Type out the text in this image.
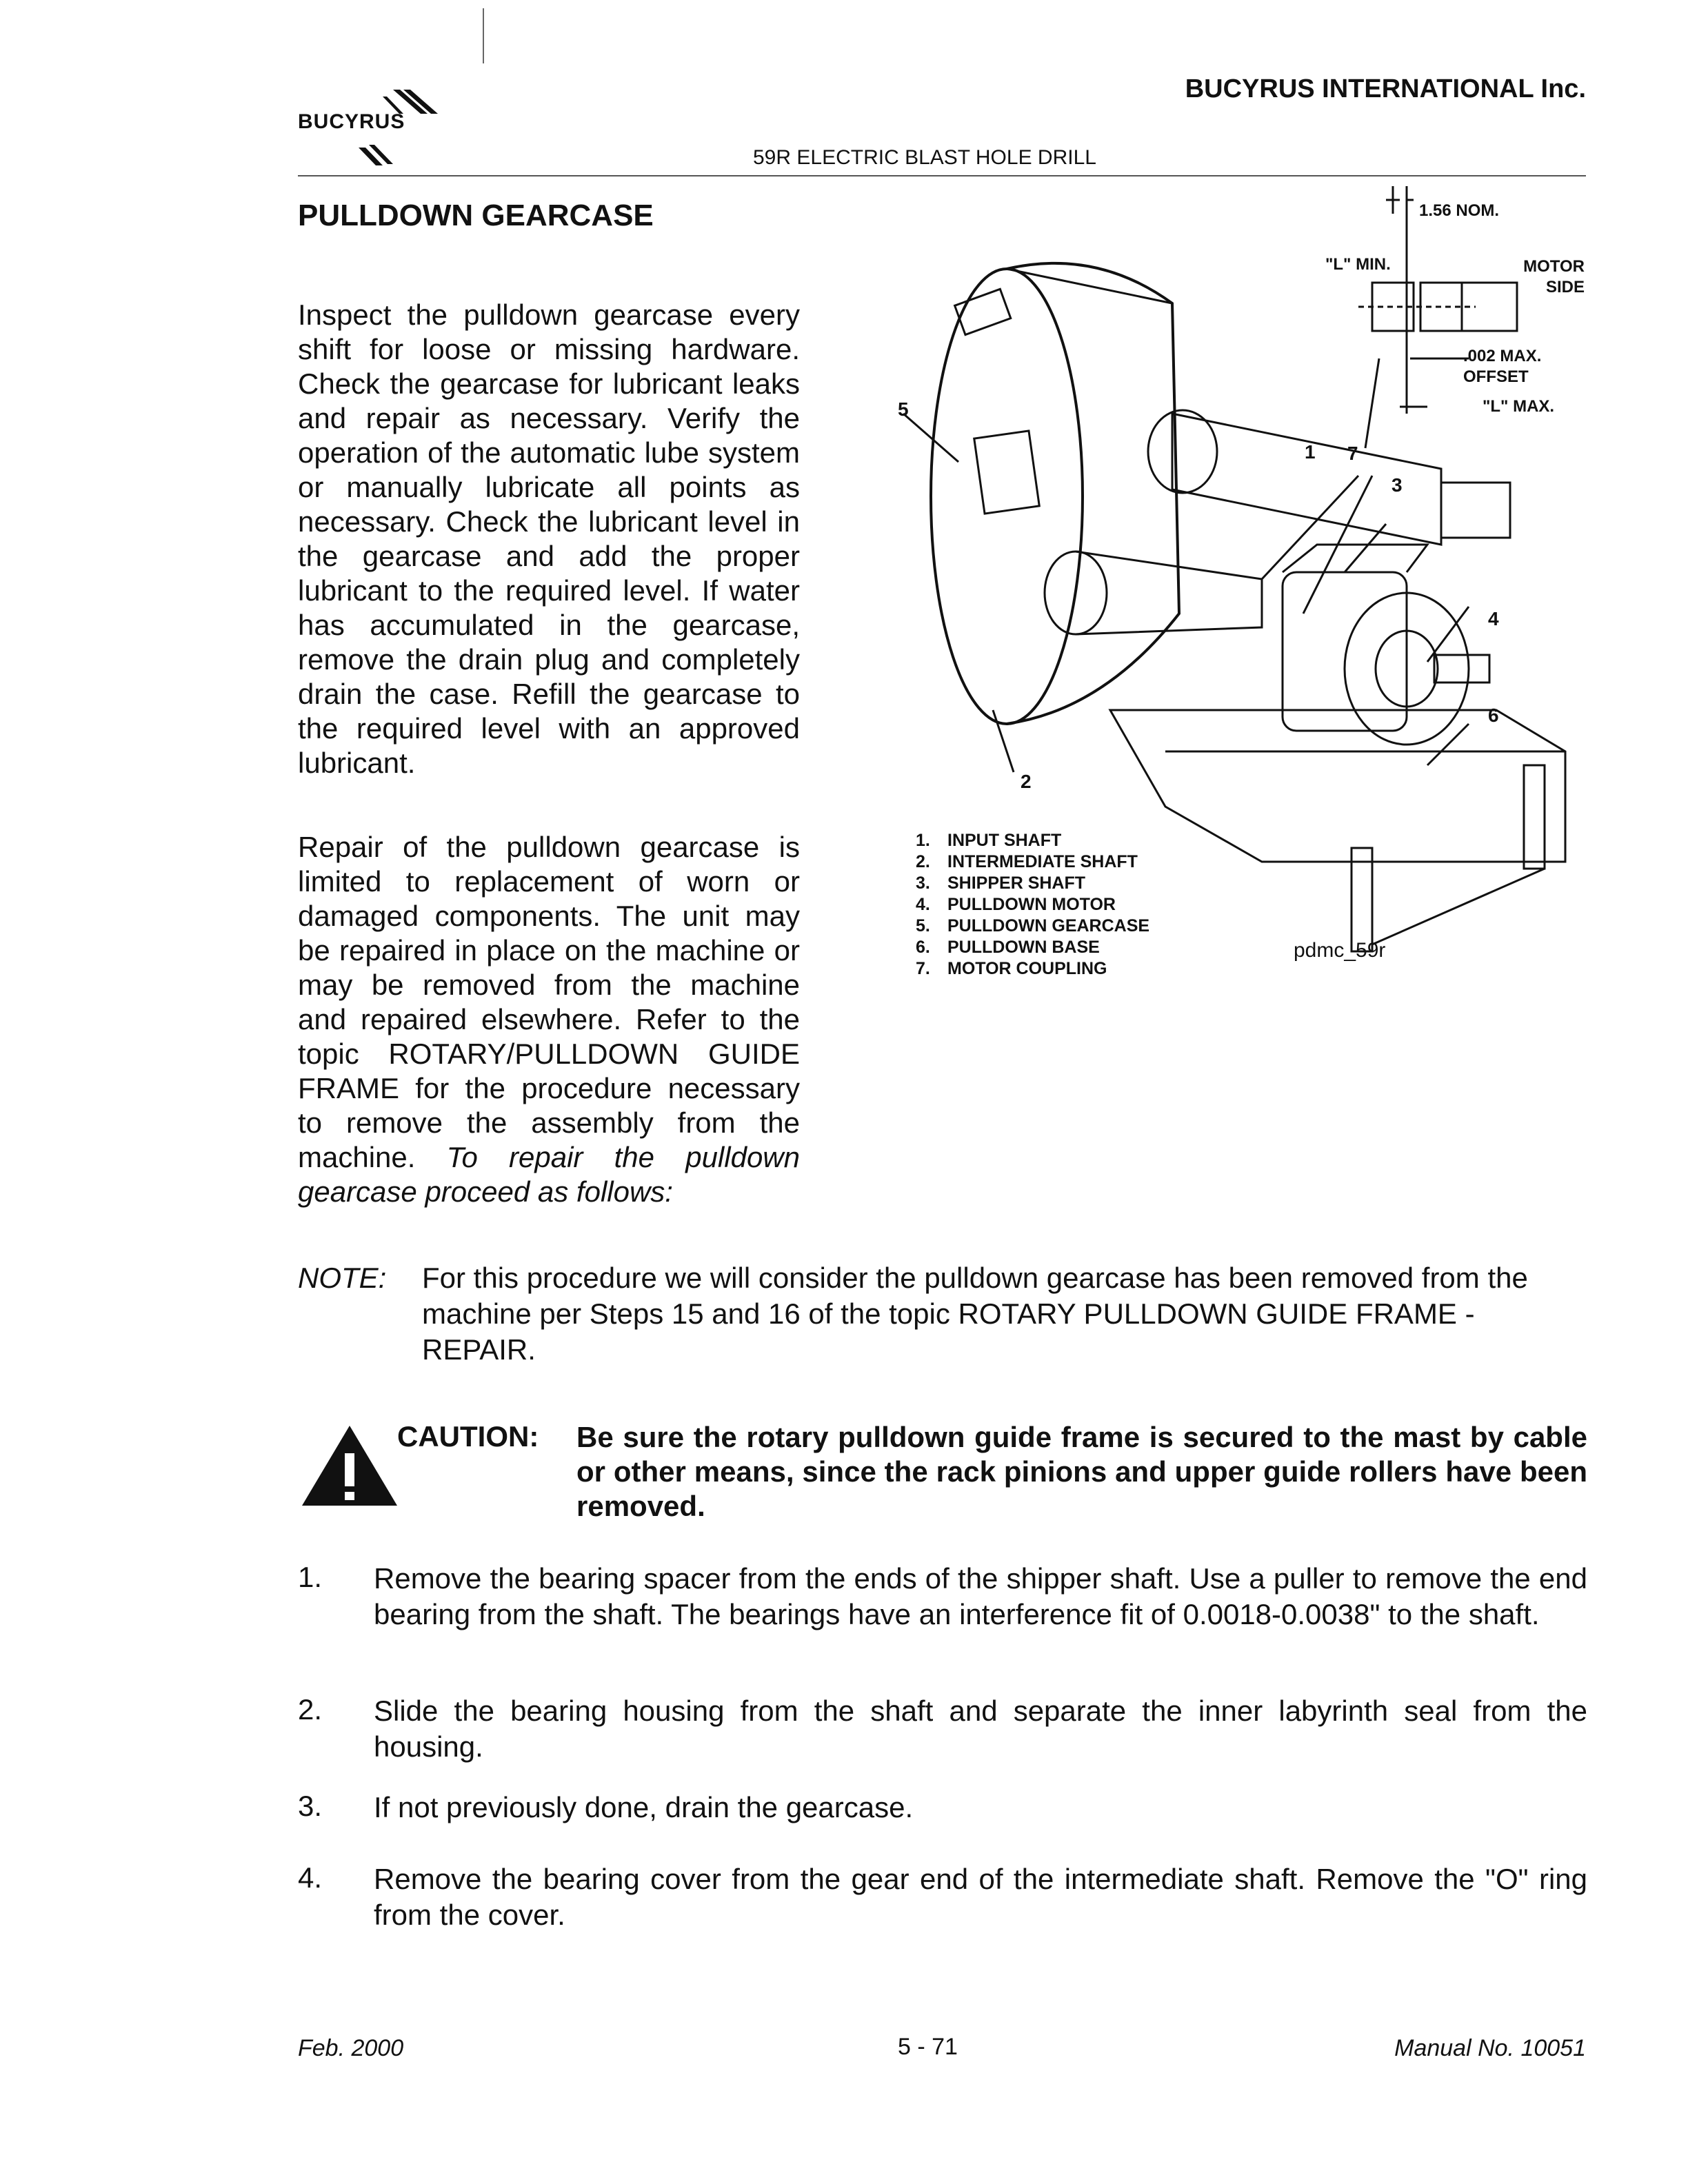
BUCYRUS
BUCYRUS INTERNATIONAL Inc.
59R ELECTRIC BLAST HOLE DRILL
PULLDOWN GEARCASE
Inspect the pulldown gearcase every shift for loose or missing hardware. Check the gearcase for lubricant leaks and repair as necessary. Verify the operation of the automatic lube system or manually lubricate all points as necessary. Check the lubricant level in the gearcase and add the proper lubricant to the required level. If water has accumulated in the gearcase, remove the drain plug and completely drain the case. Refill the gearcase to the required level with an approved lubricant.
Repair of the pulldown gearcase is limited to replacement of worn or damaged components. The unit may be repaired in place on the machine or may be removed from the machine and repaired elsewhere. Refer to the topic ROTARY/PULLDOWN GUIDE FRAME for the procedure necessary to remove the assembly from the machine. To repair the pulldown gearcase proceed as follows:
1.56 NOM.
"L" MIN.	MOTOR SIDE
.002 MAX. OFFSET
"L" MAX.
1
2
3
4
5
6
7
1.	INPUT SHAFT
2.	INTERMEDIATE SHAFT
3.	SHIPPER SHAFT
4.	PULLDOWN MOTOR
5.	PULLDOWN GEARCASE
6.	PULLDOWN BASE
7.	MOTOR COUPLING
pdmc_59r
NOTE: For this procedure we will consider the pulldown gearcase has been removed from the machine per Steps 15 and 16 of the topic ROTARY PULLDOWN GUIDE FRAME - REPAIR.
CAUTION: Be sure the rotary pulldown guide frame is secured to the mast by cable or other means, since the rack pinions and upper guide rollers have been removed.
1. Remove the bearing spacer from the ends of the shipper shaft. Use a puller to remove the end bearing from the shaft. The bearings have an interference fit of 0.0018-0.0038" to the shaft.
2. Slide the bearing housing from the shaft and separate the inner labyrinth seal from the housing.
3. If not previously done, drain the gearcase.
4. Remove the bearing cover from the gear end of the intermediate shaft. Remove the "O" ring from the cover.
Feb. 2000	5 - 71	Manual No. 10051
